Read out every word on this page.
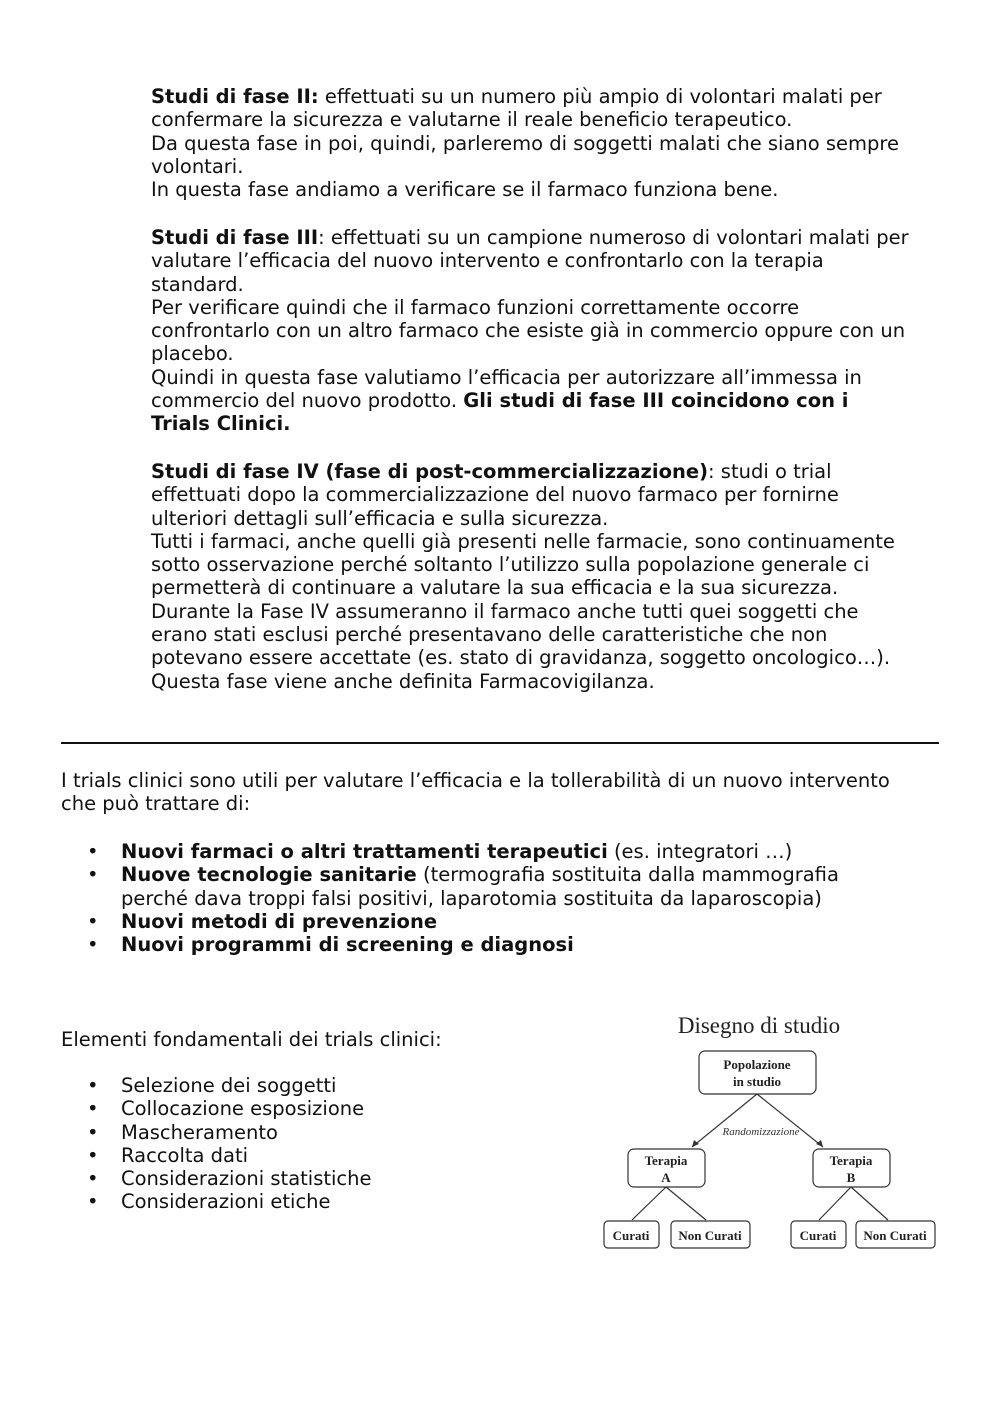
Studi di fase II: effettuati su un numero più ampio di volontari malati per
confermare la sicurezza e valutarne il reale beneficio terapeutico.
Da questa fase in poi, quindi, parleremo di soggetti malati che siano sempre
volontari.
In questa fase andiamo a verificare se il farmaco funziona bene.

Studi di fase III: effettuati su un campione numeroso di volontari malati per
valutare l’efficacia del nuovo intervento e confrontarlo con la terapia
standard.
Per verificare quindi che il farmaco funzioni correttamente occorre
confrontarlo con un altro farmaco che esiste già in commercio oppure con un
placebo.
Quindi in questa fase valutiamo l’efficacia per autorizzare all’immessa in
commercio del nuovo prodotto. Gli studi di fase III coincidono con i
Trials Clinici.

Studi di fase IV (fase di post-commercializzazione): studi o trial
effettuati dopo la commercializzazione del nuovo farmaco per fornirne
ulteriori dettagli sull’efficacia e sulla sicurezza.
Tutti i farmaci, anche quelli già presenti nelle farmacie, sono continuamente
sotto osservazione perché soltanto l’utilizzo sulla popolazione generale ci
permetterà di continuare a valutare la sua efficacia e la sua sicurezza.
Durante la Fase IV assumeranno il farmaco anche tutti quei soggetti che
erano stati esclusi perché presentavano delle caratteristiche che non
potevano essere accettate (es. stato di gravidanza, soggetto oncologico…).
Questa fase viene anche definita Farmacovigilanza.

I trials clinici sono utili per valutare l’efficacia e la tollerabilità di un nuovo intervento
che può trattare di:

• Nuovi farmaci o altri trattamenti terapeutici (es. integratori …)
• Nuove tecnologie sanitarie (termografia sostituita dalla mammografia
perché dava troppi falsi positivi, laparotomia sostituita da laparoscopia)
• Nuovi metodi di prevenzione
• Nuovi programmi di screening e diagnosi

Elementi fondamentali dei trials clinici:

• Selezione dei soggetti
• Collocazione esposizione
• Mascheramento
• Raccolta dati
• Considerazioni statistiche
• Considerazioni etiche
Disegno di studio
Popolazione
in studio
Randomizzazione
Terapia
A
Terapia
B
Curati Non Curati	Curati Non Curati
